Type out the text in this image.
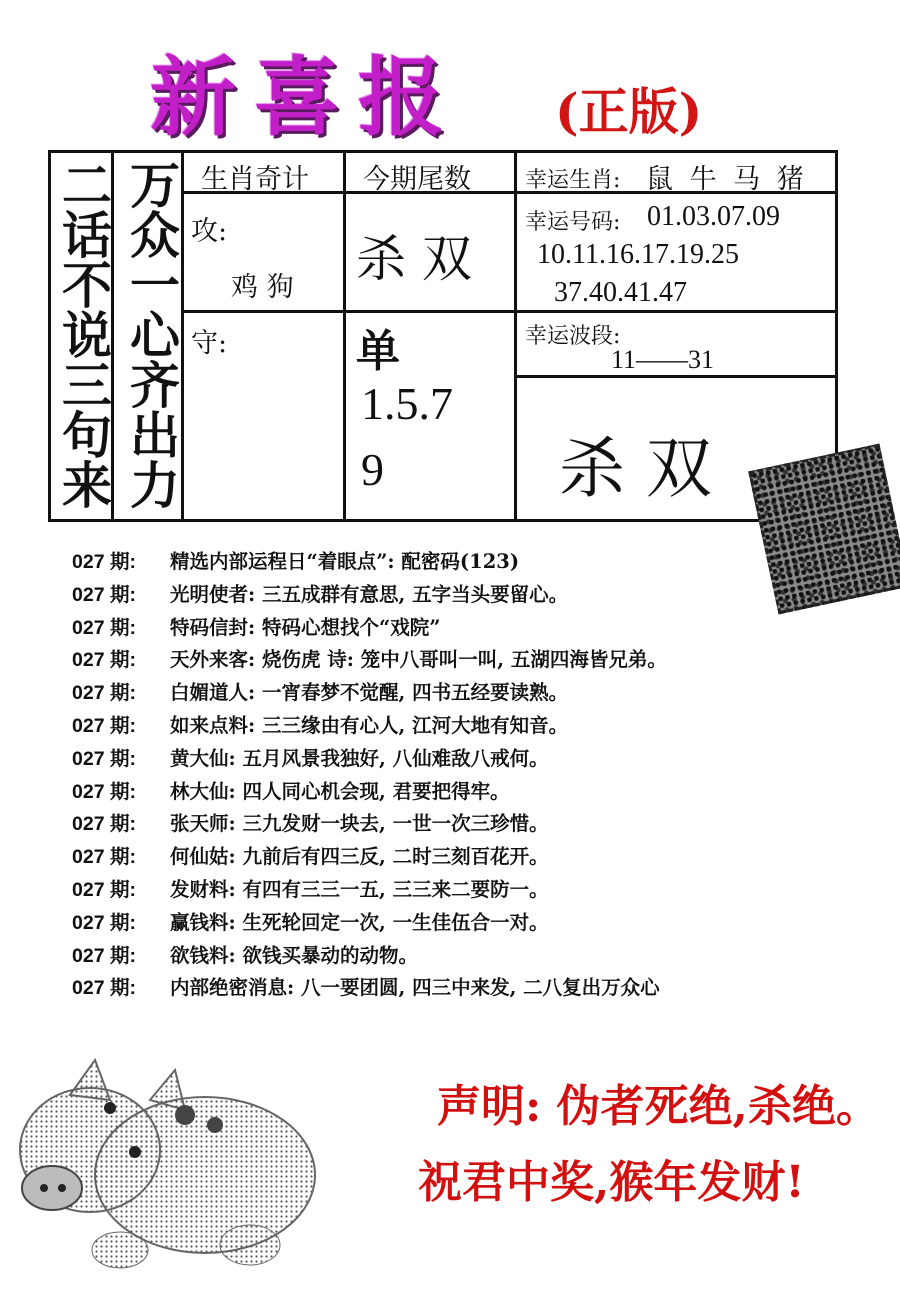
新喜报 (正版)
二话不说三句来 万众一心齐出力 生肖奇计
攻:
鸡 狗
守:
今期尾数
杀 双
单
1.5.7
9
幸运生肖: 鼠 牛 马 猪
幸运号码: 01.03.07.09
10.11.16.17.19.25
37.40.41.47
幸运波段:
11——31
杀 双
027 期: 精选内部运程日“着眼点”: 配密码(123)
027 期: 光明使者: 三五成群有意思, 五字当头要留心。
027 期: 特码信封: 特码心想找个“戏院”
027 期: 天外来客: 烧伤虎 诗: 笼中八哥叫一叫, 五湖四海皆兄弟。
027 期: 白媚道人: 一宵春梦不觉醒, 四书五经要读熟。
027 期: 如来点料: 三三缘由有心人, 江河大地有知音。
027 期: 黄大仙: 五月风景我独好, 八仙难敌八戒何。
027 期: 林大仙: 四人同心机会现, 君要把得牢。
027 期: 张天师: 三九发财一块去, 一世一次三珍惜。
027 期: 何仙姑: 九前后有四三反, 二时三刻百花开。
027 期: 发财料: 有四有三三一五, 三三来二要防一。
027 期: 赢钱料: 生死轮回定一次, 一生佳伍合一对。
027 期: 欲钱料: 欲钱买暴动的动物。
027 期: 内部绝密消息: 八一要团圆, 四三中来发, 二八复出万众心
声明: 伪者死绝,杀绝。
祝君中奖,猴年发财!
